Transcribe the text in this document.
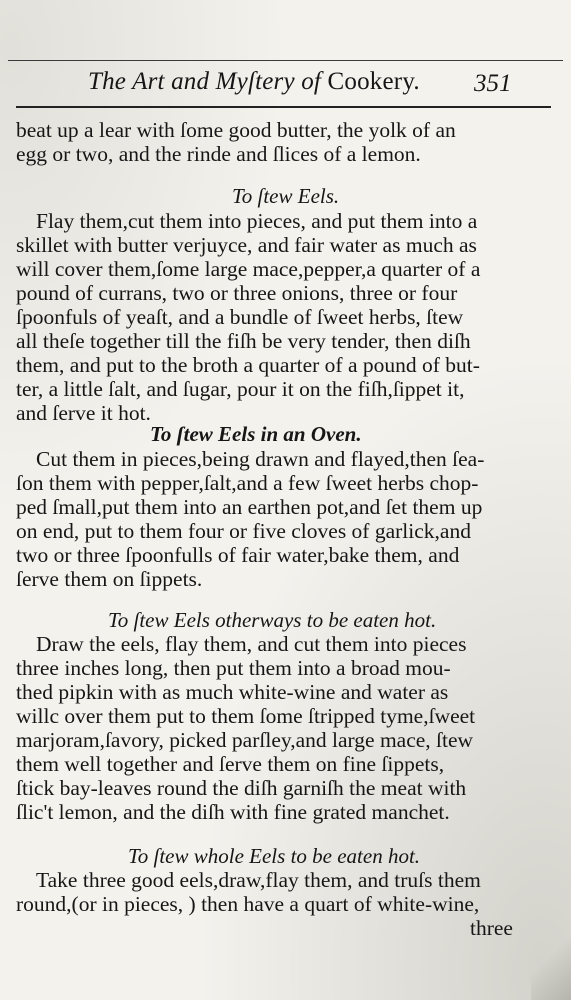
The Art and Myſtery of Cookery. 351
beat up a lear with ſome good butter, the yolk of an
egg or two, and the rinde and ſlices of a lemon.
To ſtew Eels.
Flay them,cut them into pieces, and put them into a
skillet with butter verjuyce, and fair water as much as
will cover them,ſome large mace,pepper,a quarter of a
pound of currans, two or three onions, three or four
ſpoonfuls of yeaſt, and a bundle of ſweet herbs, ſtew
all theſe together till the fiſh be very tender, then diſh
them, and put to the broth a quarter of a pound of but-
ter, a little ſalt, and ſugar, pour it on the fiſh,ſippet it,
and ſerve it hot.
To ſtew Eels in an Oven.
Cut them in pieces,being drawn and flayed,then ſea-
ſon them with pepper,ſalt,and a few ſweet herbs chop-
ped ſmall,put them into an earthen pot,and ſet them up
on end, put to them four or five cloves of garlick,and
two or three ſpoonfulls of fair water,bake them, and
ſerve them on ſippets.
To ſtew Eels otherways to be eaten hot.
Draw the eels, flay them, and cut them into pieces
three inches long, then put them into a broad mou-
thed pipkin with as much white-wine and water as
willc over them put to them ſome ſtripped tyme,ſweet
marjoram,ſavory, picked parſley,and large mace, ſtew
them well together and ſerve them on fine ſippets,
ſtick bay-leaves round the diſh garniſh the meat with
ſlic't lemon, and the diſh with fine grated manchet.
To ſtew whole Eels to be eaten hot.
Take three good eels,draw,flay them, and truſs them
round,(or in pieces, ) then have a quart of white-wine,
three
